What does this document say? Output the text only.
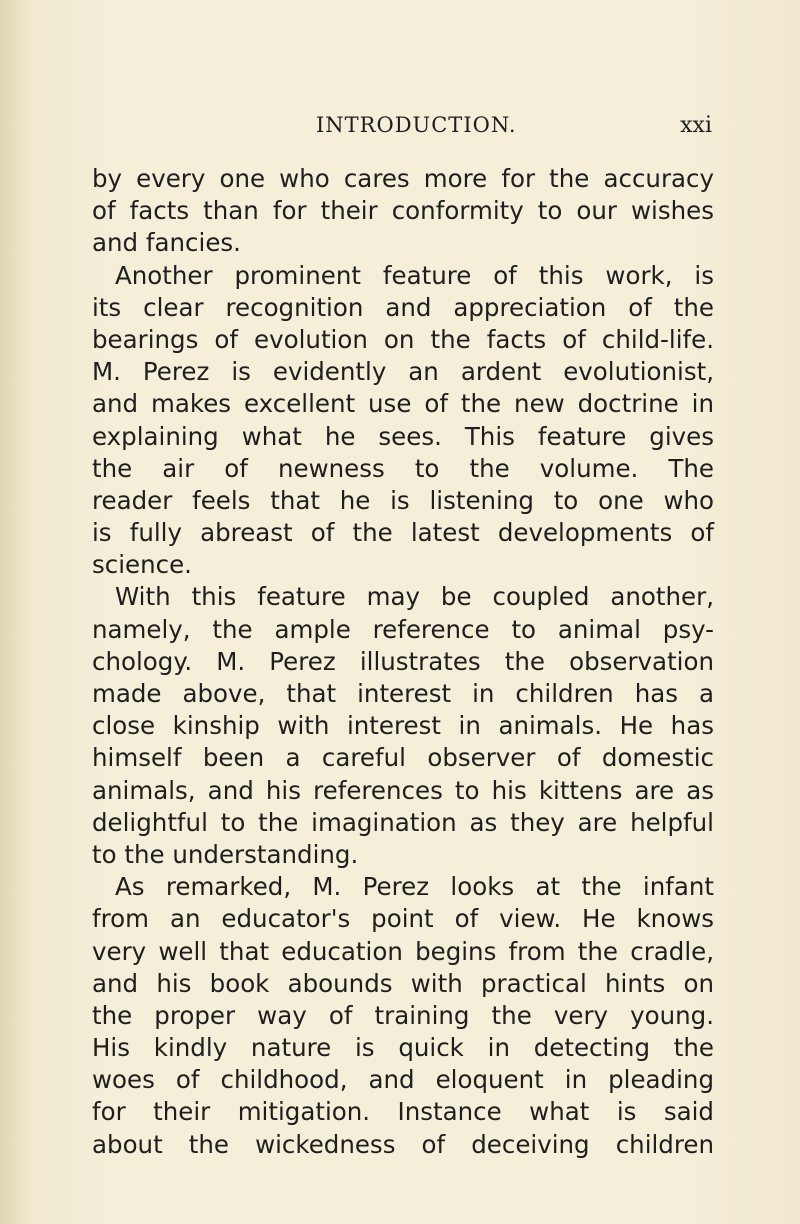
INTRODUCTION.	xxi
by every one who cares more for the accuracy
of facts than for their conformity to our wishes
and fancies.
Another prominent feature of this work, is
its clear recognition and appreciation of the
bearings of evolution on the facts of child-life.
M. Perez is evidently an ardent evolutionist,
and makes excellent use of the new doctrine in
explaining what he sees. This feature gives
the air of newness to the volume. The
reader feels that he is listening to one who
is fully abreast of the latest developments of
science.
With this feature may be coupled another,
namely, the ample reference to animal psy-
chology. M. Perez illustrates the observation
made above, that interest in children has a
close kinship with interest in animals. He has
himself been a careful observer of domestic
animals, and his references to his kittens are as
delightful to the imagination as they are helpful
to the understanding.
As remarked, M. Perez looks at the infant
from an educator's point of view. He knows
very well that education begins from the cradle,
and his book abounds with practical hints on
the proper way of training the very young.
His kindly nature is quick in detecting the
woes of childhood, and eloquent in pleading
for their mitigation. Instance what is said
about the wickedness of deceiving children
